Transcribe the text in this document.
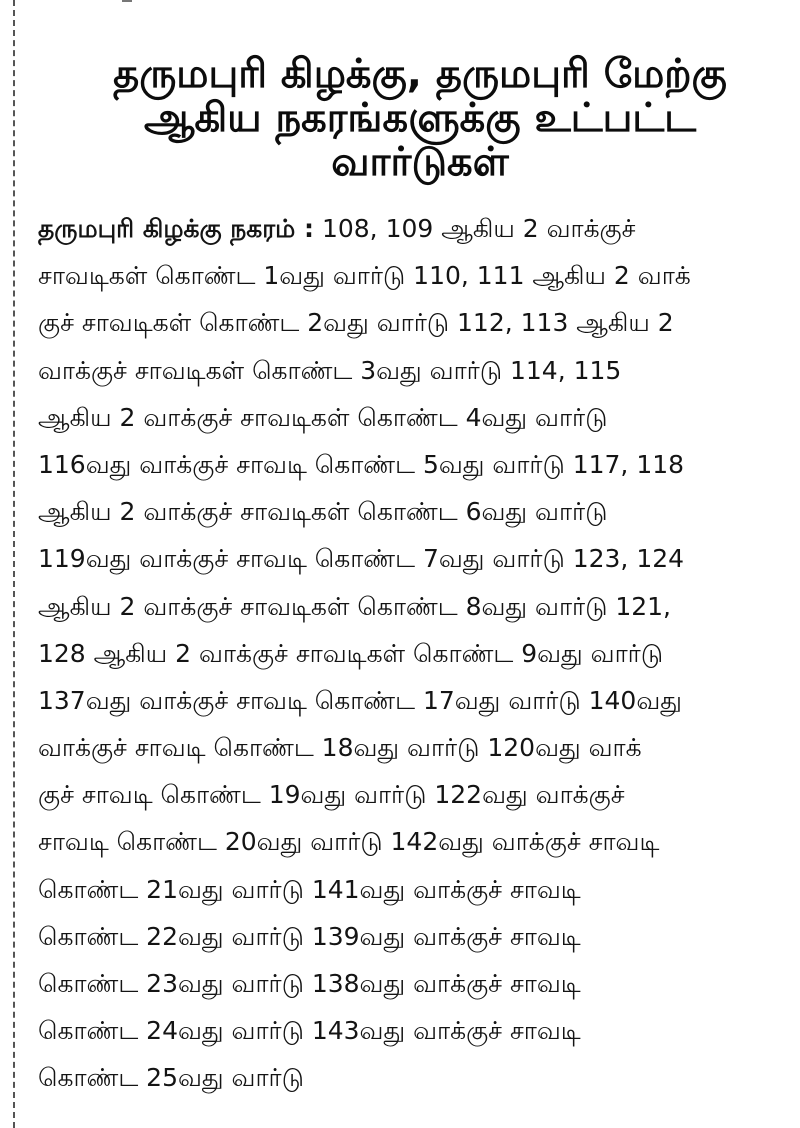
தருமபுரி கிழக்கு, தருமபுரி மேற்கு
ஆகிய நகரங்களுக்கு உட்பட்ட
வார்டுகள்
தருமபுரி கிழக்கு நகரம் : 108, 109 ஆகிய 2 வாக்குச்
சாவடிகள் கொண்ட 1வது வார்டு 110, 111 ஆகிய 2 வாக்
குச் சாவடிகள் கொண்ட 2வது வார்டு 112, 113 ஆகிய 2
வாக்குச் சாவடிகள் கொண்ட 3வது வார்டு 114, 115
ஆகிய 2 வாக்குச் சாவடிகள் கொண்ட 4வது வார்டு
116வது வாக்குச் சாவடி கொண்ட 5வது வார்டு 117, 118
ஆகிய 2 வாக்குச் சாவடிகள் கொண்ட 6வது வார்டு
119வது வாக்குச் சாவடி கொண்ட 7வது வார்டு 123, 124
ஆகிய 2 வாக்குச் சாவடிகள் கொண்ட 8வது வார்டு 121,
128 ஆகிய 2 வாக்குச் சாவடிகள் கொண்ட 9வது வார்டு
137வது வாக்குச் சாவடி கொண்ட 17வது வார்டு 140வது
வாக்குச் சாவடி கொண்ட 18வது வார்டு 120வது வாக்
குச் சாவடி கொண்ட 19வது வார்டு 122வது வாக்குச்
சாவடி கொண்ட 20வது வார்டு 142வது வாக்குச் சாவடி
கொண்ட 21வது வார்டு 141வது வாக்குச் சாவடி
கொண்ட 22வது வார்டு 139வது வாக்குச் சாவடி
கொண்ட 23வது வார்டு 138வது வாக்குச் சாவடி
கொண்ட 24வது வார்டு 143வது வாக்குச் சாவடி
கொண்ட 25வது வார்டு
